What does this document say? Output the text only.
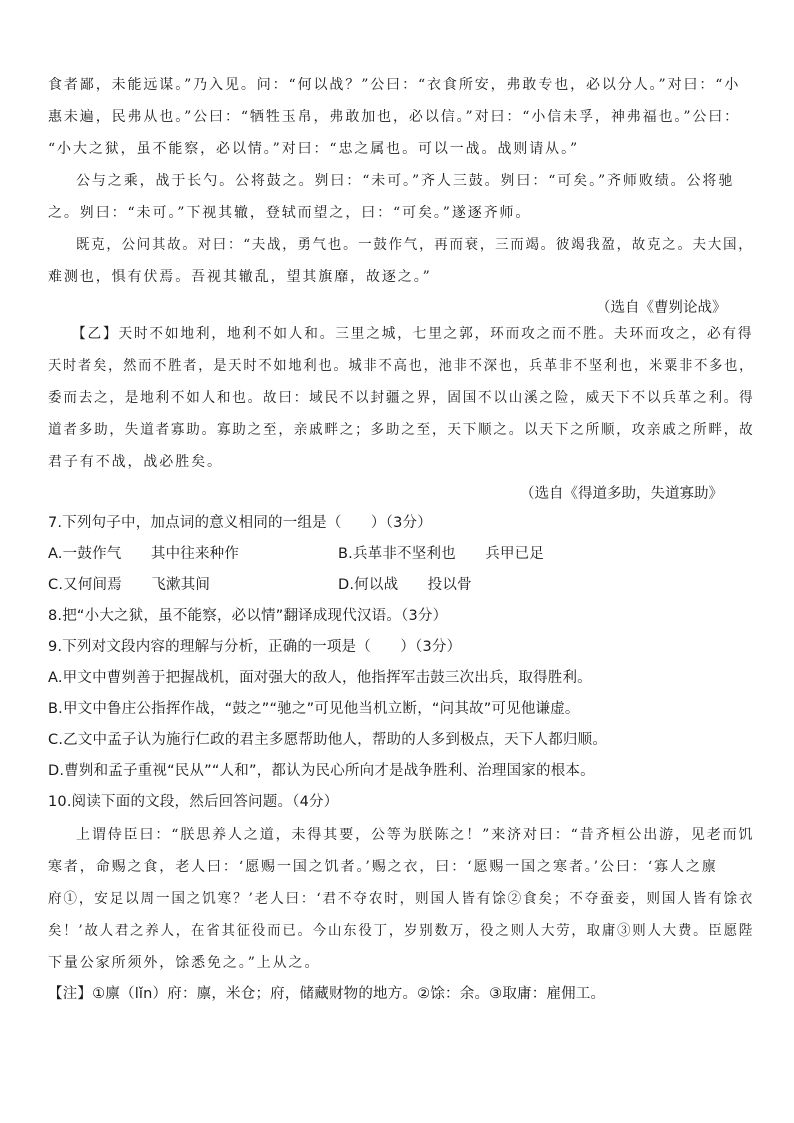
食者鄙，未能远谋。”乃入见。问：“何以战？”公曰：“衣食所安，弗敢专也，必以分人。”对曰：“小
惠未遍，民弗从也。”公曰：“牺牲玉帛，弗敢加也，必以信。”对曰：“小信未孚，神弗福也。”公曰：
“小大之狱，虽不能察，必以情。”对曰：“忠之属也。可以一战。战则请从。”
公与之乘，战于长勺。公将鼓之。刿曰：“未可。”齐人三鼓。刿曰：“可矣。”齐师败绩。公将驰
之。刿曰：“未可。”下视其辙，登轼而望之，曰：“可矣。”遂逐齐师。
既克，公问其故。对曰：“夫战，勇气也。一鼓作气，再而衰，三而竭。彼竭我盈，故克之。夫大国，
难测也，惧有伏焉。吾视其辙乱，望其旗靡，故逐之。”
（选自《曹刿论战》
【乙】天时不如地利，地利不如人和。三里之城，七里之郭，环而攻之而不胜。夫环而攻之，必有得
天时者矣，然而不胜者，是天时不如地利也。城非不高也，池非不深也，兵革非不坚利也，米粟非不多也，
委而去之，是地利不如人和也。故曰：域民不以封疆之界，固国不以山溪之险，威天下不以兵革之利。得
道者多助，失道者寡助。寡助之至，亲戚畔之；多助之至，天下顺之。以天下之所顺，攻亲戚之所畔，故
君子有不战，战必胜矣。
（选自《得道多助，失道寡助》
7.下列句子中，加点词的意义相同的一组是（　　）（3分）
A.一鼓作气　　其中往来种作	B.兵革非不坚利也　　兵甲已足
C.又何间焉　　飞漱其间	D.何以战　　投以骨
8.把“小大之狱，虽不能察，必以情”翻译成现代汉语。（3分）
9.下列对文段内容的理解与分析，正确的一项是（　　）（3分）
A.甲文中曹刿善于把握战机，面对强大的敌人，他指挥军击鼓三次出兵，取得胜利。
B.甲文中鲁庄公指挥作战，“鼓之”“驰之”可见他当机立断，“问其故”可见他谦虚。
C.乙文中孟子认为施行仁政的君主多愿帮助他人，帮助的人多到极点，天下人都归顺。
D.曹刿和孟子重视“民从”“人和”，都认为民心所向才是战争胜利、治理国家的根本。
10.阅读下面的文段，然后回答问题。（4分）
上谓侍臣曰：“朕思养人之道，未得其要，公等为朕陈之！”来济对曰：“昔齐桓公出游，见老而饥
寒者，命赐之食，老人曰：‘愿赐一国之饥者。’赐之衣，曰：‘愿赐一国之寒者。’公曰：‘寡人之廪
府①，安足以周一国之饥寒？’老人曰：‘君不夺农时，则国人皆有馀②食矣；不夺蚕妾，则国人皆有馀衣
矣！’故人君之养人，在省其征役而已。今山东役丁，岁别数万，役之则人大劳，取庸③则人大费。臣愿陛
下量公家所须外，馀悉免之。”上从之。
【注】①廪（lǐn）府：廪，米仓；府，储藏财物的地方。②馀：余。③取庸：雇佣工。
